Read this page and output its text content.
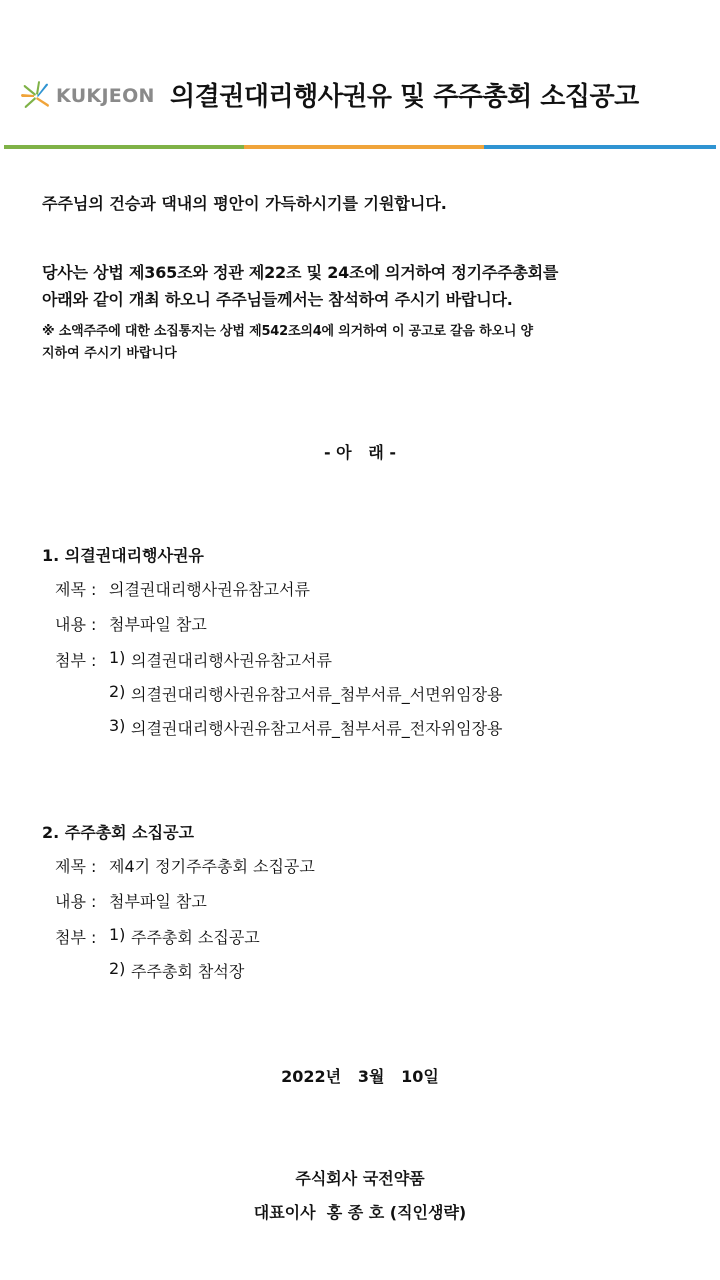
KUKJEON 의결권대리행사권유 및 주주총회 소집공고
주주님의 건승과 댁내의 평안이 가득하시기를 기원합니다.
당사는 상법 제365조와 정관 제22조 및 24조에 의거하여 정기주주총회를
아래와 같이 개최 하오니 주주님들께서는 참석하여 주시기 바랍니다.
※ 소액주주에 대한 소집통지는 상법 제542조의4에 의거하여 이 공고로 갈음 하오니 양
지하여 주시기 바랍니다
- 아   래 -
1. 의결권대리행사권유
제목 : 의결권대리행사권유참고서류
내용 : 첨부파일 참고
첨부 : 1) 의결권대리행사권유참고서류
2) 의결권대리행사권유참고서류_첨부서류_서면위임장용
3) 의결권대리행사권유참고서류_첨부서류_전자위임장용
2. 주주총회 소집공고
제목 : 제4기 정기주주총회 소집공고
내용 : 첨부파일 참고
첨부 : 1) 주주총회 소집공고
2) 주주총회 참석장
2022년   3월   10일
주식회사 국전약품
대표이사  홍 종 호 (직인생략)
